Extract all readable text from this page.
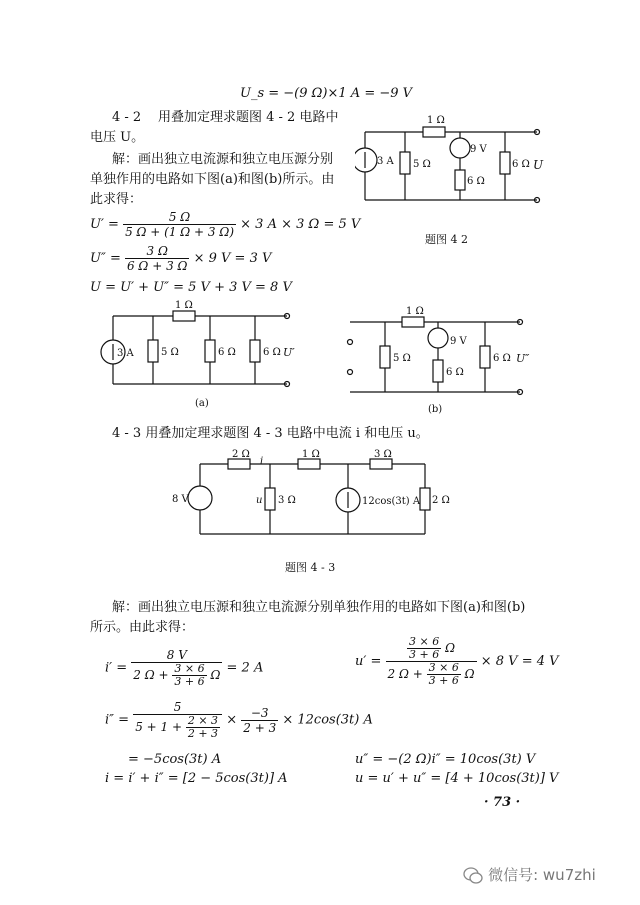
U_s = −(9 Ω)×1 A = −9 V
4 - 2 用叠加定理求题图 4 - 2 电路中
电压 U。
解：画出独立电流源和独立电压源分别
单独作用的电路如下图(a)和图(b)所示。由
此求得：
$U' = \frac{5 \Omega}{5 \Omega + (1 \Omega + 3 \Omega)} \times 3$ A × 3 Ω = 5 V
$U'' = \frac{3 \Omega}{6 \Omega + 3 \Omega} \times 9$ V = 3 V
U = U′ + U″ = 5 V + 3 V = 8 V
1 Ω
3 A 5 Ω
9 V
6 Ω
6 Ω U
题图 4 2
1 Ω
3 A	5 Ω	6 Ω	6 Ω U′
(a)
1 Ω
9 V
5 Ω
6 Ω
6 Ω U″
(b)
4 - 3 用叠加定理求题图 4 - 3 电路中电流 i 和电压 u。
2 Ω
i
1 Ω	3 Ω
8 V	u 3 Ω	12cos(3t) A 2 Ω
题图 4 - 3
解：画出独立电压源和独立电流源分别单独作用的电路如下图(a)和图(b)
所示。由此求得：
$i' = \frac{8 V}{2 \Omega + \frac{3 \times 6}{3 + 6} \Omega} = 2$ A	$u' = \frac{\frac{3 \times 6}{3 + 6} \Omega}{2 \Omega + \frac{3 \times 6}{3 + 6} \Omega} \times 8$ V = 4 V
$i'' = \frac{5}{5 + 1 + \frac{2 \times 3}{2 + 3}} \times \frac{-3}{2 + 3} \times 12\cos(3t)$ A
= −5cos(3t) A
i = i′ + i″ = [2 − 5cos(3t)] A
u″ = −(2 Ω)i″ = 10cos(3t) V
u = u′ + u″ = [4 + 10cos(3t)] V
· 73 ·
微信号: wu7zhi
